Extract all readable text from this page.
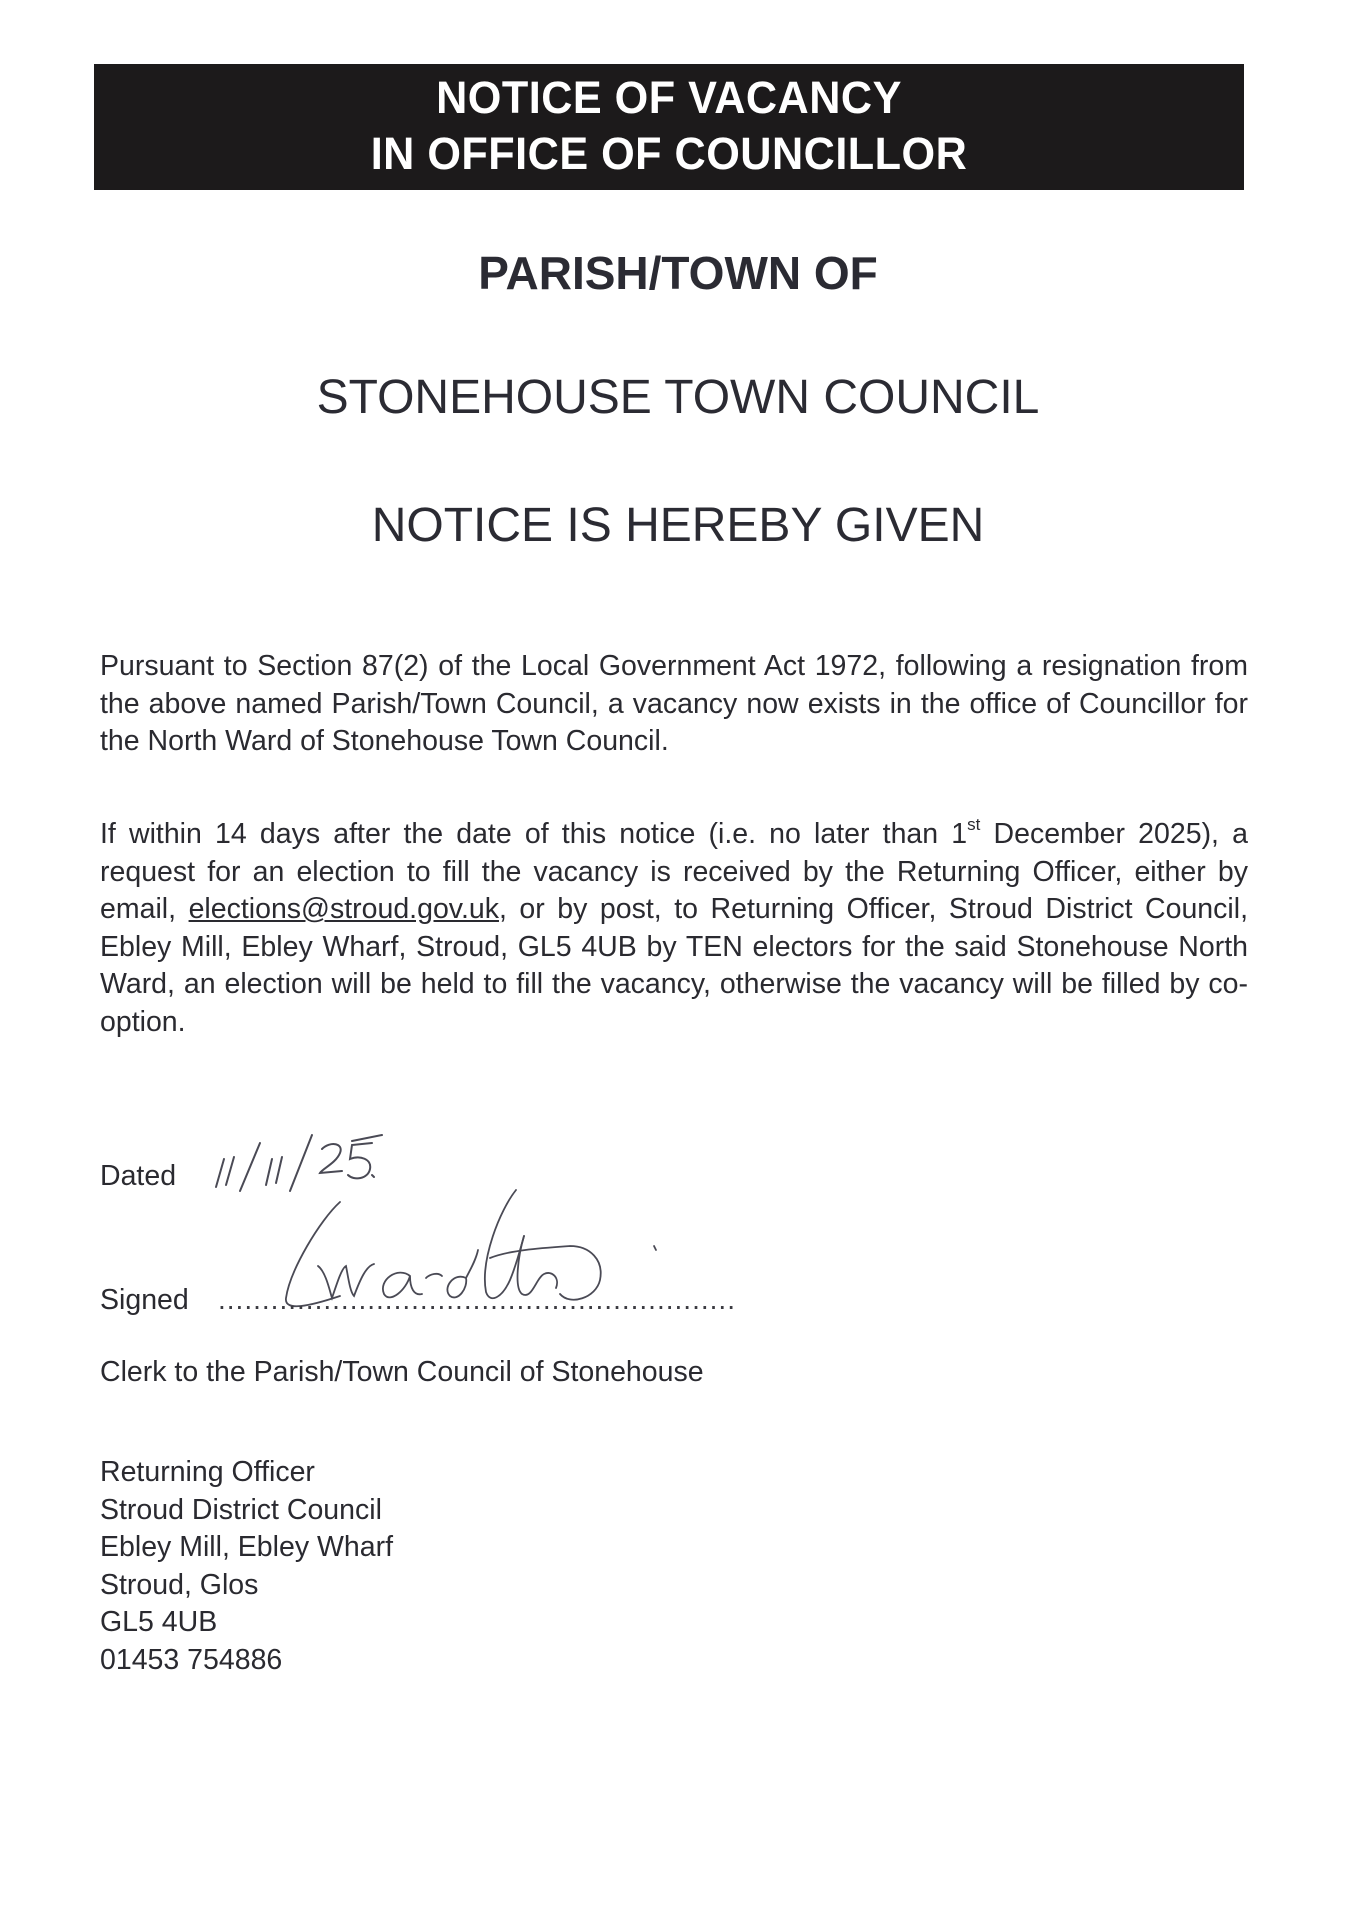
NOTICE OF VACANCY
IN OFFICE OF COUNCILLOR
PARISH/TOWN OF
STONEHOUSE TOWN COUNCIL
NOTICE IS HEREBY GIVEN
Pursuant to Section 87(2) of the Local Government Act 1972, following a resignation from the above named Parish/Town Council, a vacancy now exists in the office of Councillor for the North Ward of Stonehouse Town Council.
If within 14 days after the date of this notice (i.e. no later than 1st December 2025), a request for an election to fill the vacancy is received by the Returning Officer, either by email, elections@stroud.gov.uk, or by post, to Returning Officer, Stroud District Council, Ebley Mill, Ebley Wharf, Stroud, GL5 4UB by TEN electors for the said Stonehouse North Ward, an election will be held to fill the vacancy, otherwise the vacancy will be filled by co-option.
Dated
Signed ...........................................................
Clerk to the Parish/Town Council of Stonehouse
Returning Officer
Stroud District Council
Ebley Mill, Ebley Wharf
Stroud, Glos
GL5 4UB
01453 754886
